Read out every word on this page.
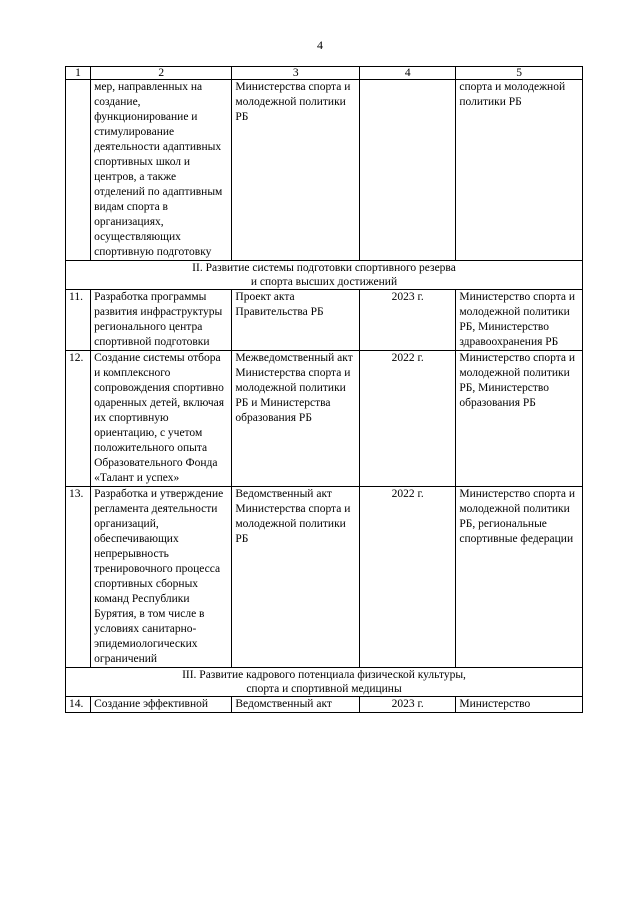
4
1	2	3	4	5
	мер, направленных на создание, функционирование и стимулирование деятельности адаптивных спортивных школ и центров, а также отделений по адаптивным видам спорта в организациях, осуществляющих спортивную подготовку	Министерства спорта и молодежной политики РБ		спорта и молодежной политики РБ

II. Развитие системы подготовки спортивного резерва
и спорта высших достижений				

11.	Разработка программы развития инфраструктуры регионального центра спортивной подготовки	Проект акта Правительства РБ	2023 г.	Министерство спорта и молодежной политики РБ, Министерство здравоохранения РБ
12.	Создание системы отбора и комплексного сопровождения спортивно одаренных детей, включая их спортивную ориентацию, с учетом положительного опыта Образовательного Фонда «Талант и успех»	Межведомственный акт Министерства спорта и молодежной политики РБ и Министерства образования РБ	2022 г.	Министерство спорта и молодежной политики РБ, Министерство образования РБ
13.	Разработка и утверждение регламента деятельности организаций, обеспечивающих непрерывность тренировочного процесса спортивных сборных команд Республики Бурятия, в том числе в условиях санитарно-эпидемиологических ограничений	Ведомственный акт Министерства спорта и молодежной политики РБ	2022 г.	Министерство спорта и молодежной политики РБ, региональные спортивные федерации

III. Развитие кадрового потенциала физической культуры,
спорта и спортивной медицины				

14.	Создание эффективной	Ведомственный акт	2023 г.	Министерство
